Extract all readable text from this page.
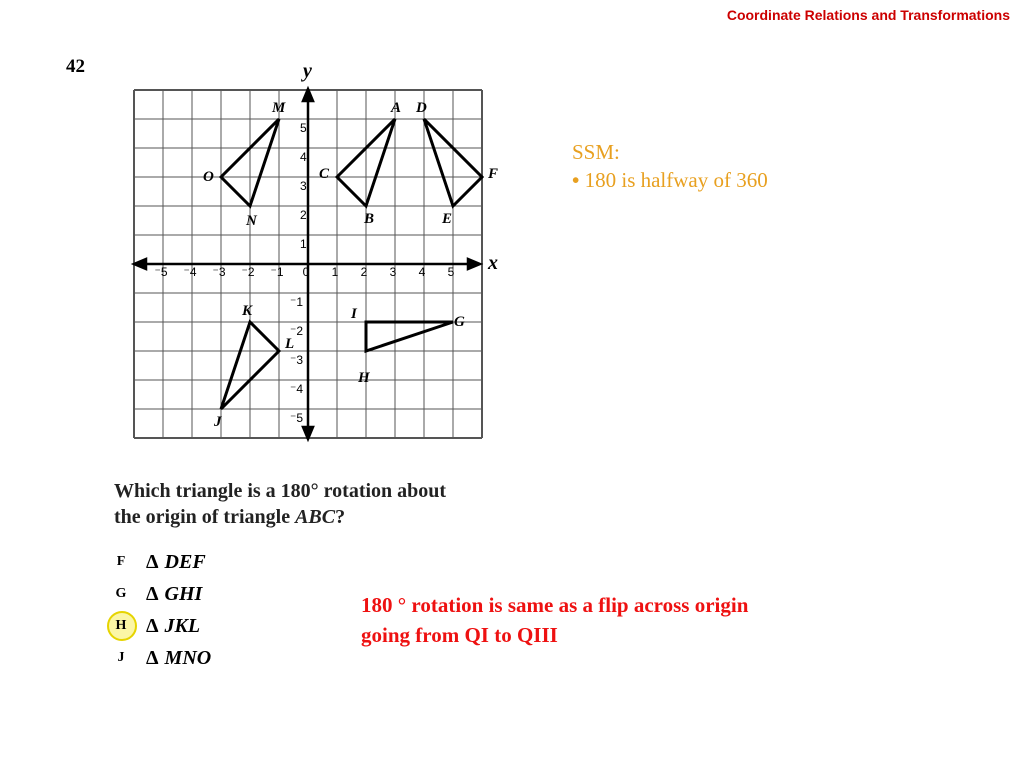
Coordinate Relations and Transformations
42
x
y
⁻5 ⁻4 ⁻3 ⁻2 ⁻1 0 1 2 3 4 5
5
4
3
2
1
⁻1
⁻2
⁻3
⁻4
⁻5
A
B
C
D
E
F
G
H
I
J
K
L
M
N
O
SSM:
• 180 is halfway of 360
Which triangle is a 180° rotation about
the origin of triangle ABC?
F	Δ DEF
G Δ GHI
H Δ JKL
J	Δ MNO
180 ° rotation is same as a flip across origin
going from QI to QIII
